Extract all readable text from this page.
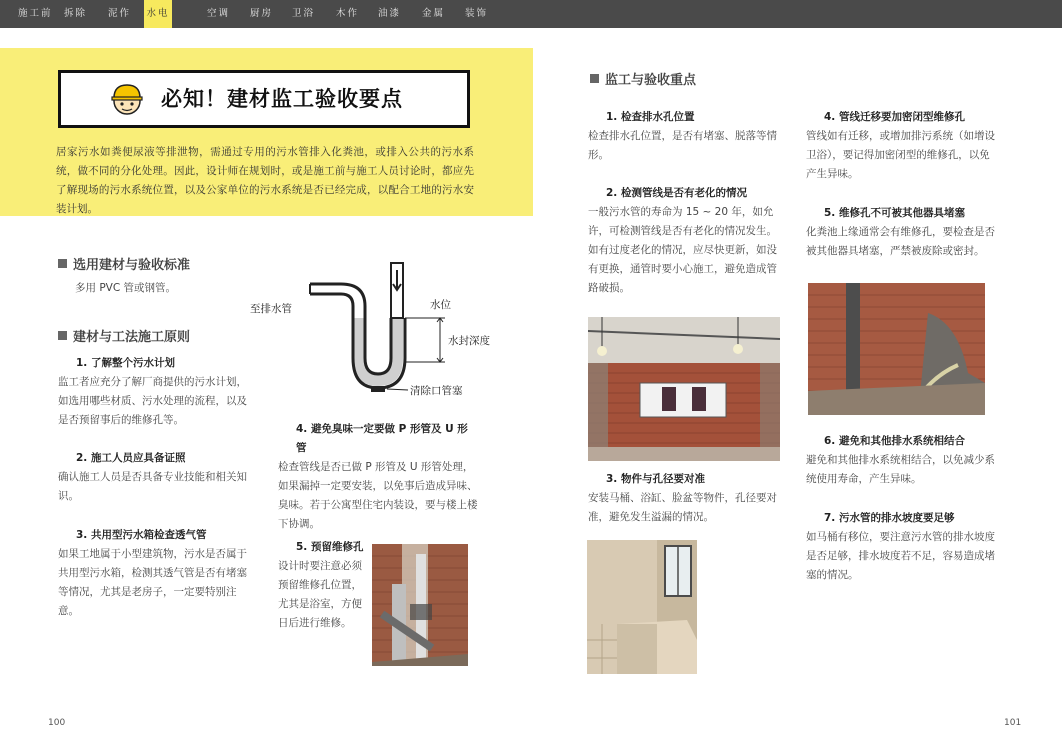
施工前 拆除 泥作 水电	空调 厨房 卫浴 木作 油漆 金属 装饰
必知！建材监工验收要点
居家污水如粪便尿液等排泄物，需通过专用的污水管排入化粪池，或排入公共的污水系统，做不同的分化处理。因此，设计师在规划时，或是施工前与施工人员讨论时，都应先了解现场的污水系统位置，以及公家单位的污水系统是否已经完成，以配合工地的污水安装计划。
选用建材与验收标准
多用 PVC 管或钢管。
建材与工法施工原则
1. 了解整个污水计划
监工者应充分了解厂商提供的污水计划，如选用哪些材质、污水处理的流程，以及是否预留事后的维修孔等。
2. 施工人员应具备证照
确认施工人员是否具备专业技能和相关知识。
3. 共用型污水箱检查透气管
如果工地属于小型建筑物，污水是否属于共用型污水箱，检测其透气管是否有堵塞等情况，尤其是老房子，一定要特别注意。
4. 避免臭味一定要做 P 形管及 U 形管
检查管线是否已做 P 形管及 U 形管处理，如果漏掉一定要安装，以免事后造成异味、臭味。若于公寓型住宅内装设，要与楼上楼下协调。
5. 预留维修孔
设计时要注意必须预留维修孔位置，尤其是浴室，方便日后进行维修。
至排水管	水位
水封深度
清除口管塞
监工与验收重点
1. 检查排水孔位置
检查排水孔位置，是否有堵塞、脱落等情形。
2. 检测管线是否有老化的情况
一般污水管的寿命为 15 ~ 20 年，如允许，可检测管线是否有老化的情况发生。如有过度老化的情况，应尽快更新，如没有更换，通管时要小心施工，避免造成管路破损。
3. 物件与孔径要对准
安装马桶、浴缸、脸盆等物件，孔径要对准，避免发生溢漏的情况。
4. 管线迁移要加密闭型维修孔
管线如有迁移，或增加排污系统（如增设卫浴），要记得加密闭型的维修孔，以免产生异味。
5. 维修孔不可被其他器具堵塞
化粪池上缘通常会有维修孔，要检查是否被其他器具堵塞，严禁被废除或密封。
6. 避免和其他排水系统相结合
避免和其他排水系统相结合，以免减少系统使用寿命，产生异味。
7. 污水管的排水坡度要足够
如马桶有移位，要注意污水管的排水坡度是否足够，排水坡度若不足，容易造成堵塞的情况。
100	101
